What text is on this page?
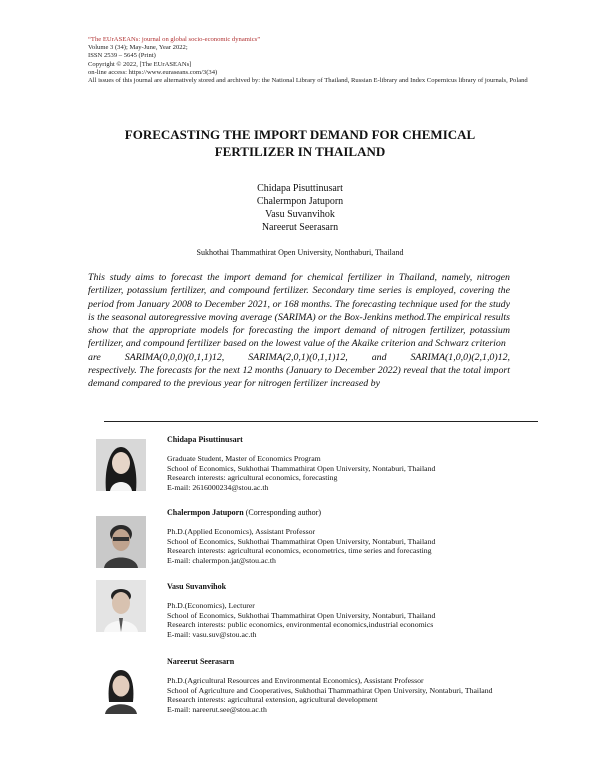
“The EUrASEANs: journal on global socio-economic dynamics”
Volume 3 (34); May-June, Year 2022;
ISSN 2539 – 5645 (Print)
Copyright © 2022, [The EUrASEANs]
on-line access: https://www.euraseans.com/3(34)
All issues of this journal are alternatively stored and archived by: the National Library of Thailand, Russian E-library and Index Copernicus library of journals, Poland
FORECASTING THE IMPORT DEMAND FOR CHEMICAL
FERTILIZER IN THAILAND
Chidapa Pisuttinusart
Chalermpon Jatuporn
Vasu Suvanvihok
Nareerut Seerasarn
Sukhothai Thammathirat Open University, Nonthaburi, Thailand
This study aims to forecast the import demand for chemical fertilizer in Thailand, namely, nitrogen fertilizer, potassium fertilizer, and compound fertilizer. Secondary time series is employed, covering the period from January 2008 to December 2021, or 168 months. The forecasting technique used for the study is the seasonal autoregressive moving average (SARIMA) or the Box-Jenkins method.The empirical results show that the appropriate models for forecasting the import demand of nitrogen fertilizer, potassium fertilizer, and compound fertilizer based on the lowest value of the Akaike criterion and Schwarz criterion
are SARIMA(0,0,0)(0,1,1)12, SARIMA(2,0,1)(0,1,1)12, and SARIMA(1,0,0)(2,1,0)12,
respectively. The forecasts for the next 12 months (January to December 2022) reveal that the total import demand compared to the previous year for nitrogen fertilizer increased by
Chidapa Pisuttinusart
Graduate Student, Master of Economics Program
School of Economics, Sukhothai Thammathirat Open University, Nontaburi, Thailand
Research interests: agricultural economics, forecasting
E-mail: 2616000234@stou.ac.th
Chalermpon Jatuporn (Corresponding author)
Ph.D.(Applied Economics), Assistant Professor
School of Economics, Sukhothai Thammathirat Open University, Nontaburi, Thailand
Research interests: agricultural economics, econometrics, time series and forecasting
E-mail: chalermpon.jat@stou.ac.th
Vasu Suvanvihok
Ph.D.(Economics), Lecturer
School of Economics, Sukhothai Thammathirat Open University, Nontaburi, Thailand
Research interests: public economics, environmental economics,industrial economics
E-mail: vasu.suv@stou.ac.th
Nareerut Seerasarn
Ph.D.(Agricultural Resources and Environmental Economics), Assistant Professor
School of Agriculture and Cooperatives, Sukhothai Thammathirat Open University, Nontaburi, Thailand
Research interests: agricultural extension, agricultural development
E-mail: nareerut.see@stou.ac.th
